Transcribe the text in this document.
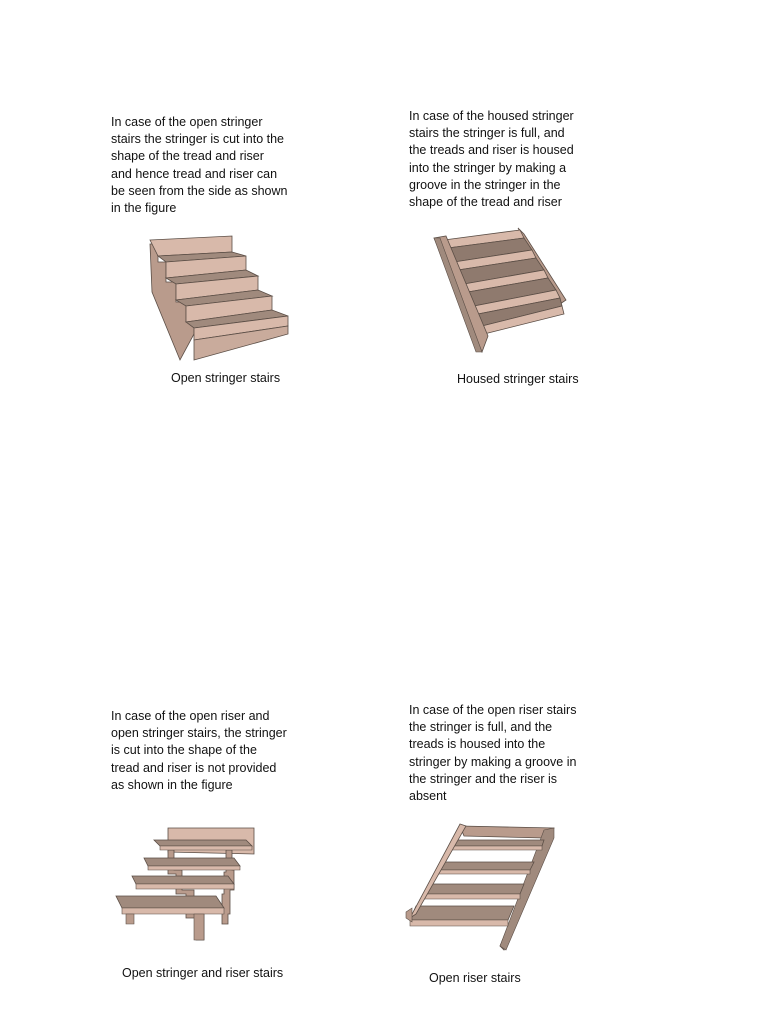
In case of the open stringer
stairs the stringer is cut into the
shape of the tread and riser
and hence tread and riser can
be seen from the side as shown
in the figure
Open stringer stairs
In case of the housed stringer
stairs the stringer is full, and
the treads and riser is housed
into the stringer by making a
groove in the stringer in the
shape of the tread and riser
Housed stringer stairs
In case of the open riser and
open stringer stairs, the stringer
is cut into the shape of the
tread and riser is not provided
as shown in the figure
Open stringer and riser stairs
In case of the open riser stairs
the stringer is full, and the
treads is housed into the
stringer by making a groove in
the stringer and the riser is
absent
Open riser stairs
